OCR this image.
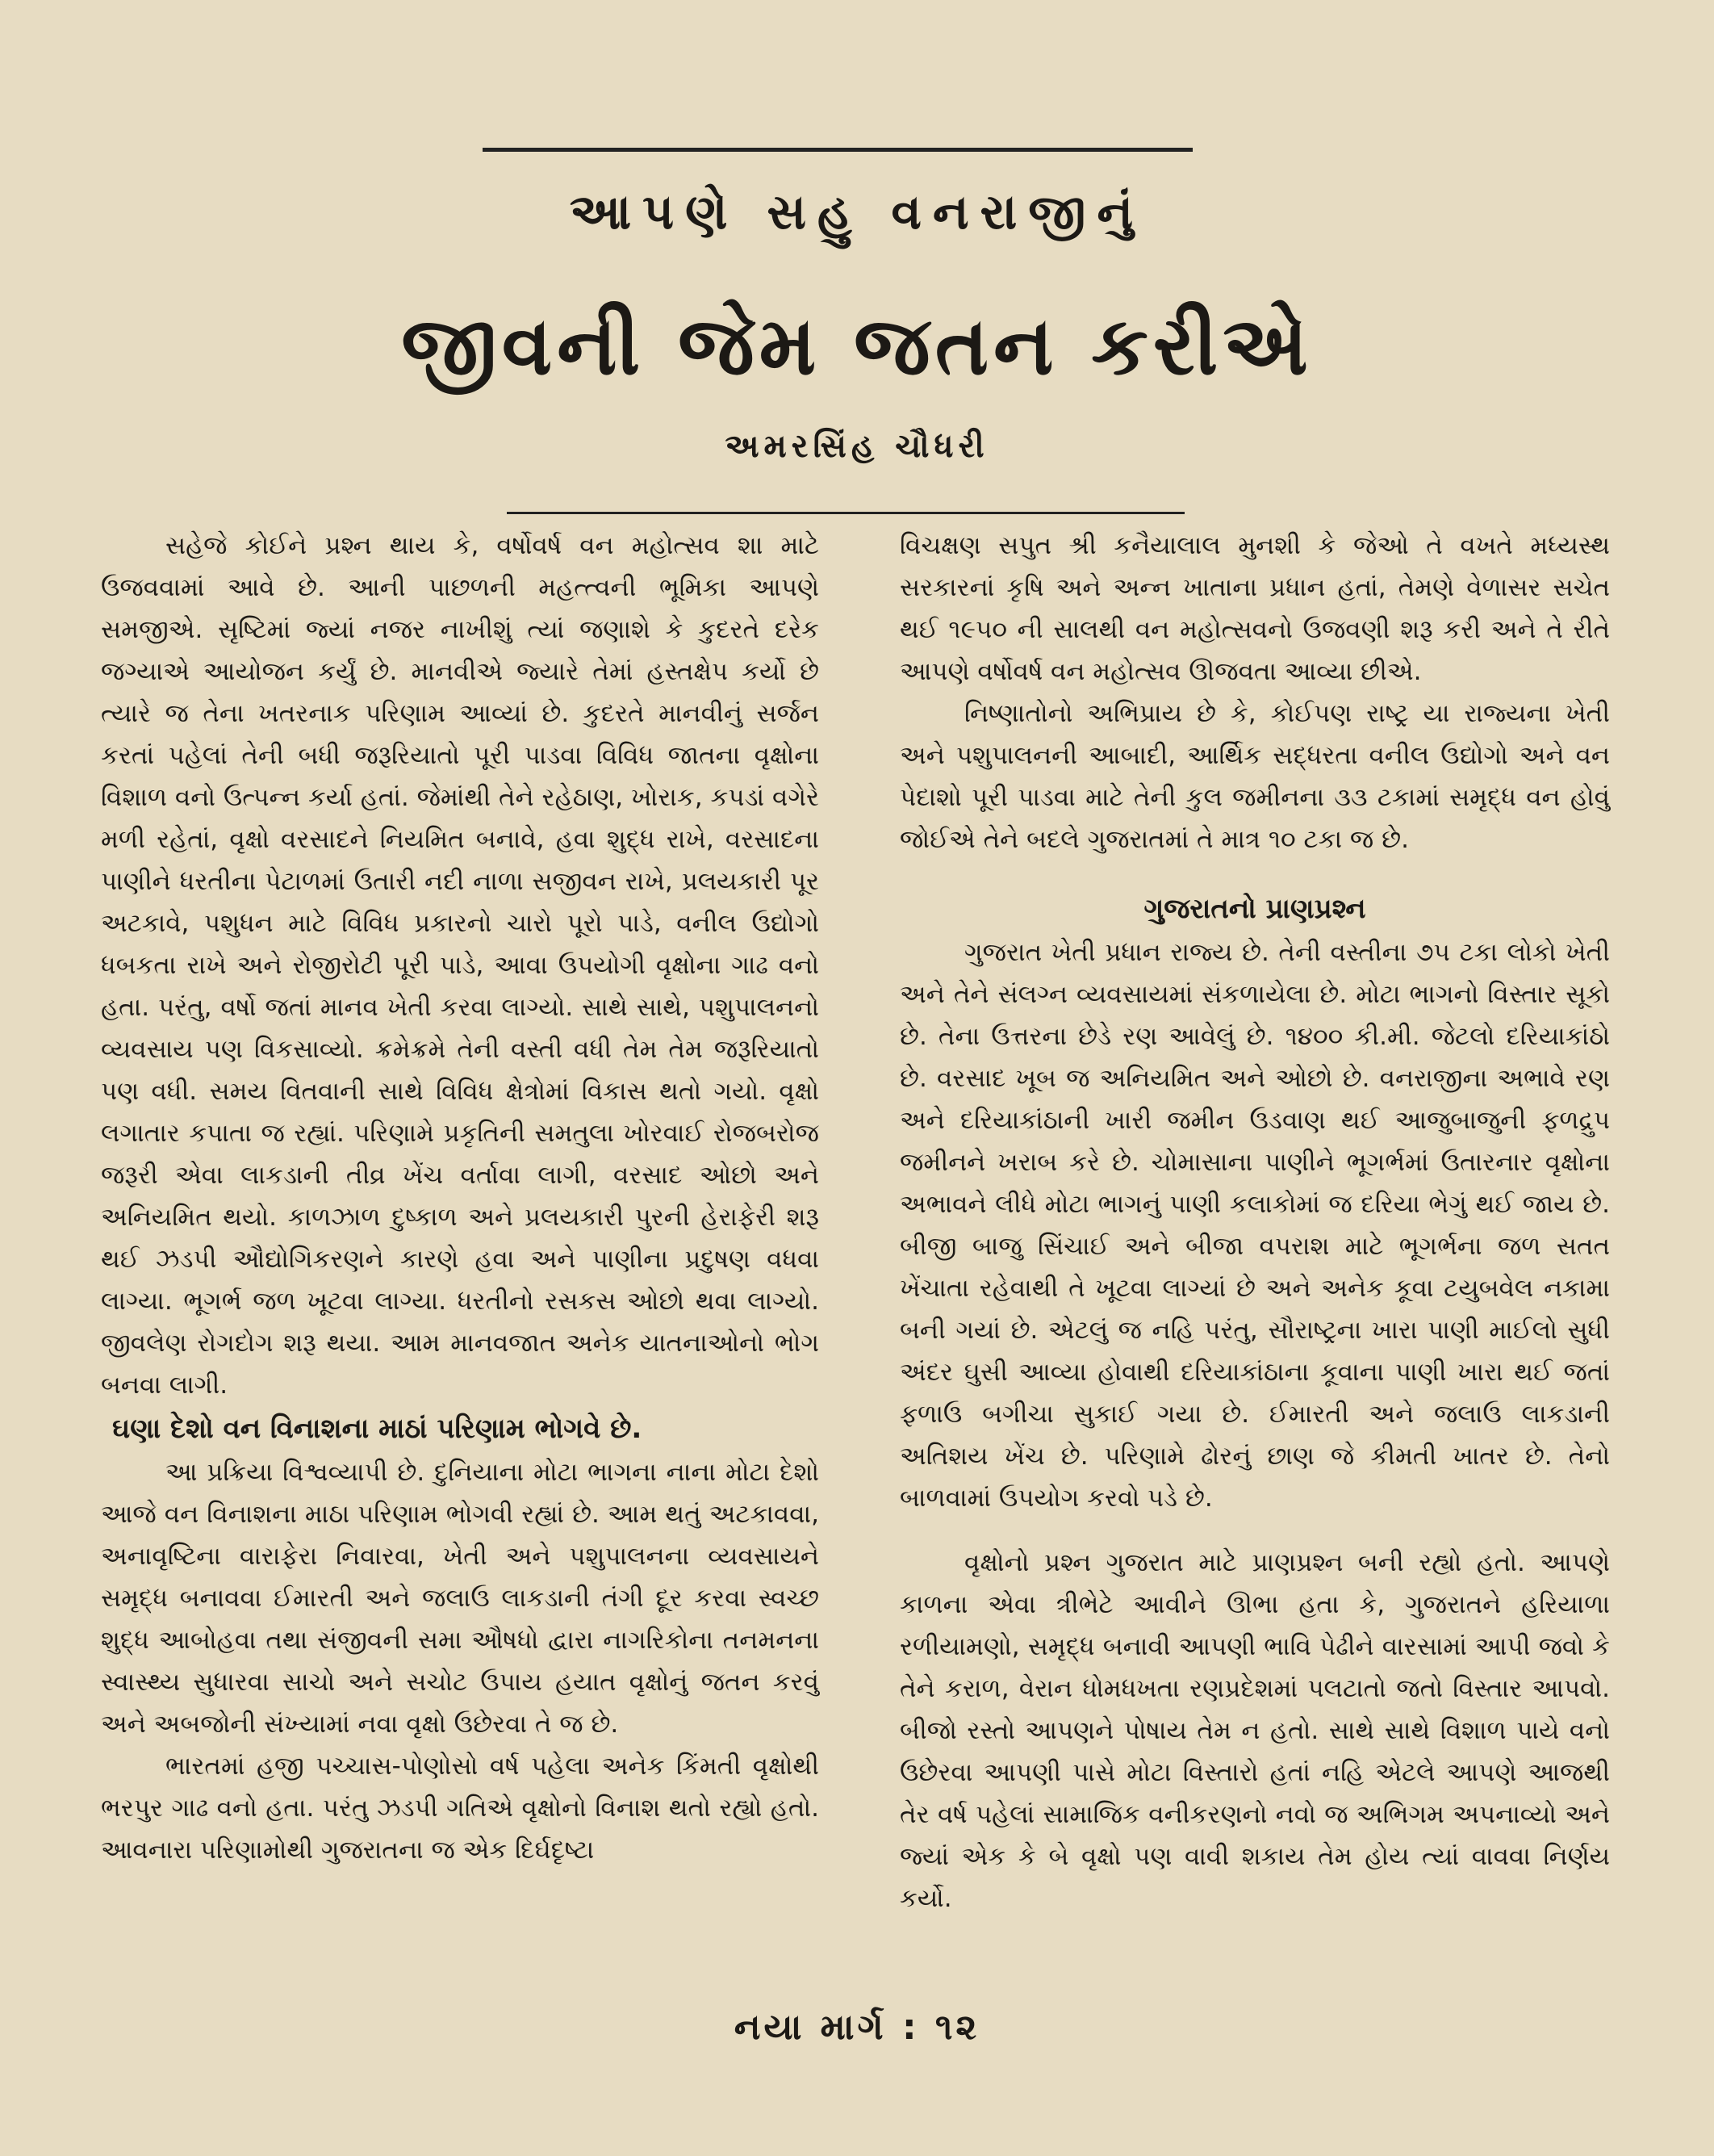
આપણે સહુ વનરાજીનું
જીવની જેમ જતન કરીએ
અમરસિંહ ચૌધરી

સહેજે કોઈને પ્રશ્ન થાય કે, વર્ષોવર્ષ વન મહોત્સવ શા માટે ઉજવવામાં આવે છે. આની પાછળની મહત્ત્વની ભૂમિકા આપણે સમજીએ. સૃષ્ટિમાં જ્યાં નજર નાખીશું ત્યાં જણાશે કે કુદરતે દરેક જગ્યાએ આયોજન કર્યું છે. માનવીએ જ્યારે તેમાં હસ્તક્ષેપ કર્યો છે ત્યારે જ તેના ખતરનાક પરિણામ આવ્યાં છે. કુદરતે માનવીનું સર્જન કરતાં પહેલાં તેની બધી જરૂરિયાતો પૂરી પાડવા વિવિધ જાતના વૃક્ષોના વિશાળ વનો ઉત્પન્ન કર્યા હતાં. જેમાંથી તેને રહેઠાણ, ખોરાક, કપડાં વગેરે મળી રહેતાં, વૃક્ષો વરસાદને નિયમિત બનાવે, હવા શુદ્ધ રાખે, વરસાદના પાણીને ધરતીના પેટાળમાં ઉતારી નદી નાળા સજીવન રાખે, પ્રલયકારી પૂર અટકાવે, પશુધન માટે વિવિધ પ્રકારનો ચારો પૂરો પાડે, વનીલ ઉદ્યોગો ધબકતા રાખે અને રોજીરોટી પૂરી પાડે, આવા ઉપયોગી વૃક્ષોના ગાઢ વનો હતા. પરંતુ, વર્ષો જતાં માનવ ખેતી કરવા લાગ્યો. સાથે સાથે, પશુપાલનનો વ્યવસાય પણ વિકસાવ્યો. ક્રમેક્રમે તેની વસ્તી વધી તેમ તેમ જરૂરિયાતો પણ વધી. સમય વિતવાની સાથે વિવિધ ક્ષેત્રોમાં વિકાસ થતો ગયો. વૃક્ષો લગાતાર કપાતા જ રહ્યાં. પરિણામે પ્રકૃતિની સમતુલા ખોરવાઈ રોજબરોજ જરૂરી એવા લાકડાની તીવ્ર ખેંચ વર્તાવા લાગી, વરસાદ ઓછો અને અનિયમિત થયો. કાળઝાળ દુષ્કાળ અને પ્રલયકારી પુરની હેરાફેરી શરૂ થઈ ઝડપી ઔદ્યોગિકરણને કારણે હવા અને પાણીના પ્રદુષણ વધવા લાગ્યા. ભૂગર્ભ જળ ખૂટવા લાગ્યા. ધરતીનો રસકસ ઓછો થવા લાગ્યો. જીવલેણ રોગદોગ શરૂ થયા. આમ માનવજાત અનેક યાતનાઓનો ભોગ બનવા લાગી.

ઘણા દેશો વન વિનાશના માઠાં પરિણામ ભોગવે છે.

આ પ્રક્રિયા વિશ્વવ્યાપી છે. દુનિયાના મોટા ભાગના નાના મોટા દેશો આજે વન વિનાશના માઠા પરિણામ ભોગવી રહ્યાં છે. આમ થતું અટકાવવા, અનાવૃષ્ટિના વારાફેરા નિવારવા, ખેતી અને પશુપાલનના વ્યવસાયને સમૃદ્ધ બનાવવા ઈમારતી અને જલાઉ લાકડાની તંગી દૂર કરવા સ્વચ્છ શુદ્ધ આબોહવા તથા સંજીવની સમા ઔષધો દ્વારા નાગરિકોના તનમનના સ્વાસ્થ્ય સુધારવા સાચો અને સચોટ ઉપાય હયાત વૃક્ષોનું જતન કરવું અને અબજોની સંખ્યામાં નવા વૃક્ષો ઉછેરવા તે જ છે.

ભારતમાં હજી પચ્ચાસ-પોણોસો વર્ષ પહેલા અનેક કિંમતી વૃક્ષોથી ભરપુર ગાઢ વનો હતા. પરંતુ ઝડપી ગતિએ વૃક્ષોનો વિનાશ થતો રહ્યો હતો. આવનારા પરિણામોથી ગુજરાતના જ એક દિર્ઘદૃષ્ટા

વિચક્ષણ સપુત શ્રી કનૈયાલાલ મુનશી કે જેઓ તે વખતે મધ્યસ્થ સરકારનાં કૃષિ અને અન્ન ખાતાના પ્રધાન હતાં, તેમણે વેળાસર સચેત થઈ ૧૯૫૦ ની સાલથી વન મહોત્સવનો ઉજવણી શરૂ કરી અને તે રીતે આપણે વર્ષોવર્ષ વન મહોત્સવ ઊજવતા આવ્યા છીએ.

નિષ્ણાતોનો અભિપ્રાય છે કે, કોઈપણ રાષ્ટ્ર યા રાજ્યના ખેતી અને પશુપાલનની આબાદી, આર્થિક સદ્ધરતા વનીલ ઉદ્યોગો અને વન પેદાશો પૂરી પાડવા માટે તેની કુલ જમીનના ૩૩ ટકામાં સમૃદ્ધ વન હોવું જોઈએ તેને બદલે ગુજરાતમાં તે માત્ર ૧૦ ટકા જ છે.

ગુજરાતનો પ્રાણપ્રશ્ન

ગુજરાત ખેતી પ્રધાન રાજ્ય છે. તેની વસ્તીના ૭૫ ટકા લોકો ખેતી અને તેને સંલગ્ન વ્યવસાયમાં સંકળાયેલા છે. મોટા ભાગનો વિસ્તાર સૂકો છે. તેના ઉત્તરના છેડે રણ આવેલું છે. ૧૪૦૦ કી.મી. જેટલો દરિયાકાંઠો છે. વરસાદ ખૂબ જ અનિયમિત અને ઓછો છે. વનરાજીના અભાવે રણ અને દરિયાકાંઠાની ખારી જમીન ઉડવાણ થઈ આજુબાજુની ફળદ્રુપ જમીનને ખરાબ કરે છે. ચોમાસાના પાણીને ભૂગર્ભમાં ઉતારનાર વૃક્ષોના અભાવને લીધે મોટા ભાગનું પાણી કલાકોમાં જ દરિયા ભેગું થઈ જાય છે. બીજી બાજુ સિંચાઈ અને બીજા વપરાશ માટે ભૂગર્ભના જળ સતત ખેંચાતા રહેવાથી તે ખૂટવા લાગ્યાં છે અને અનેક કૂવા ટયુબવેલ નકામા બની ગયાં છે. એટલું જ નહિ પરંતુ, સૌરાષ્ટ્રના ખારા પાણી માઈલો સુધી અંદર ઘુસી આવ્યા હોવાથી દરિયાકાંઠાના કૂવાના પાણી ખારા થઈ જતાં ફળાઉ બગીચા સુકાઈ ગયા છે. ઈમારતી અને જલાઉ લાકડાની અતિશય ખેંચ છે. પરિણામે ઢોરનું છાણ જે કીમતી ખાતર છે. તેનો બાળવામાં ઉપયોગ કરવો પડે છે.

વૃક્ષોનો પ્રશ્ન ગુજરાત માટે પ્રાણપ્રશ્ન બની રહ્યો હતો. આપણે કાળના એવા ત્રીભેટે આવીને ઊભા હતા કે, ગુજરાતને હરિયાળા રળીયામણો, સમૃદ્ધ બનાવી આપણી ભાવિ પેઢીને વારસામાં આપી જવો કે તેને કરાળ, વેરાન ધોમધખતા રણપ્રદેશમાં પલટાતો જતો વિસ્તાર આપવો. બીજો રસ્તો આપણને પોષાય તેમ ન હતો. સાથે સાથે વિશાળ પાયે વનો ઉછેરવા આપણી પાસે મોટા વિસ્તારો હતાં નહિ એટલે આપણે આજથી તેર વર્ષ પહેલાં સામાજિક વનીકરણનો નવો જ અભિગમ અપનાવ્યો અને જ્યાં એક કે બે વૃક્ષો પણ વાવી શકાય તેમ હોય ત્યાં વાવવા નિર્ણય કર્યો.

નયા માર્ગ : ૧૨
